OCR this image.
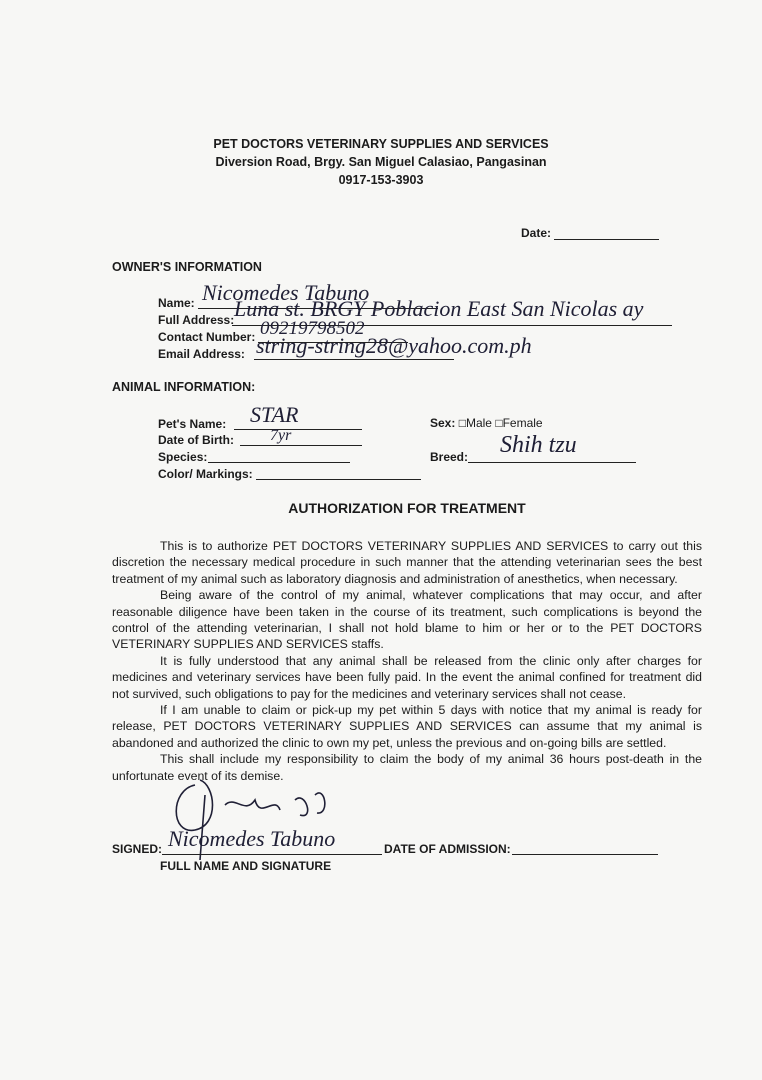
PET DOCTORS VETERINARY SUPPLIES AND SERVICES
Diversion Road, Brgy. San Miguel Calasiao, Pangasinan
0917-153-3903
Date:
OWNER'S INFORMATION
Name: Nicomedes Tabuno
Full Address: Luna st. BRGY Poblacion East San Nicolas ay
Contact Number: 09219798502
Email Address: string-string28@yahoo.com.ph
ANIMAL INFORMATION:
Pet's Name: STAR
Date of Birth: 7yr
Species:
Color/ Markings:
Sex: □Male □Female
Breed: Shih tzu
AUTHORIZATION FOR TREATMENT

This is to authorize PET DOCTORS VETERINARY SUPPLIES AND SERVICES to carry out this discretion the necessary medical procedure in such manner that the attending veterinarian sees the best treatment of my animal such as laboratory diagnosis and administration of anesthetics, when necessary.

Being aware of the control of my animal, whatever complications that may occur, and after reasonable diligence have been taken in the course of its treatment, such complications is beyond the control of the attending veterinarian, I shall not hold blame to him or her or to the PET DOCTORS VETERINARY SUPPLIES AND SERVICES staffs.

It is fully understood that any animal shall be released from the clinic only after charges for medicines and veterinary services have been fully paid. In the event the animal confined for treatment did not survived, such obligations to pay for the medicines and veterinary services shall not cease.

If I am unable to claim or pick-up my pet within 5 days with notice that my animal is ready for release, PET DOCTORS VETERINARY SUPPLIES AND SERVICES can assume that my animal is abandoned and authorized the clinic to own my pet, unless the previous and on-going bills are settled.

This shall include my responsibility to claim the body of my animal 36 hours post-death in the unfortunate event of its demise.

SIGNED: Nicomedes Tabuno
FULL NAME AND SIGNATURE
DATE OF ADMISSION:
